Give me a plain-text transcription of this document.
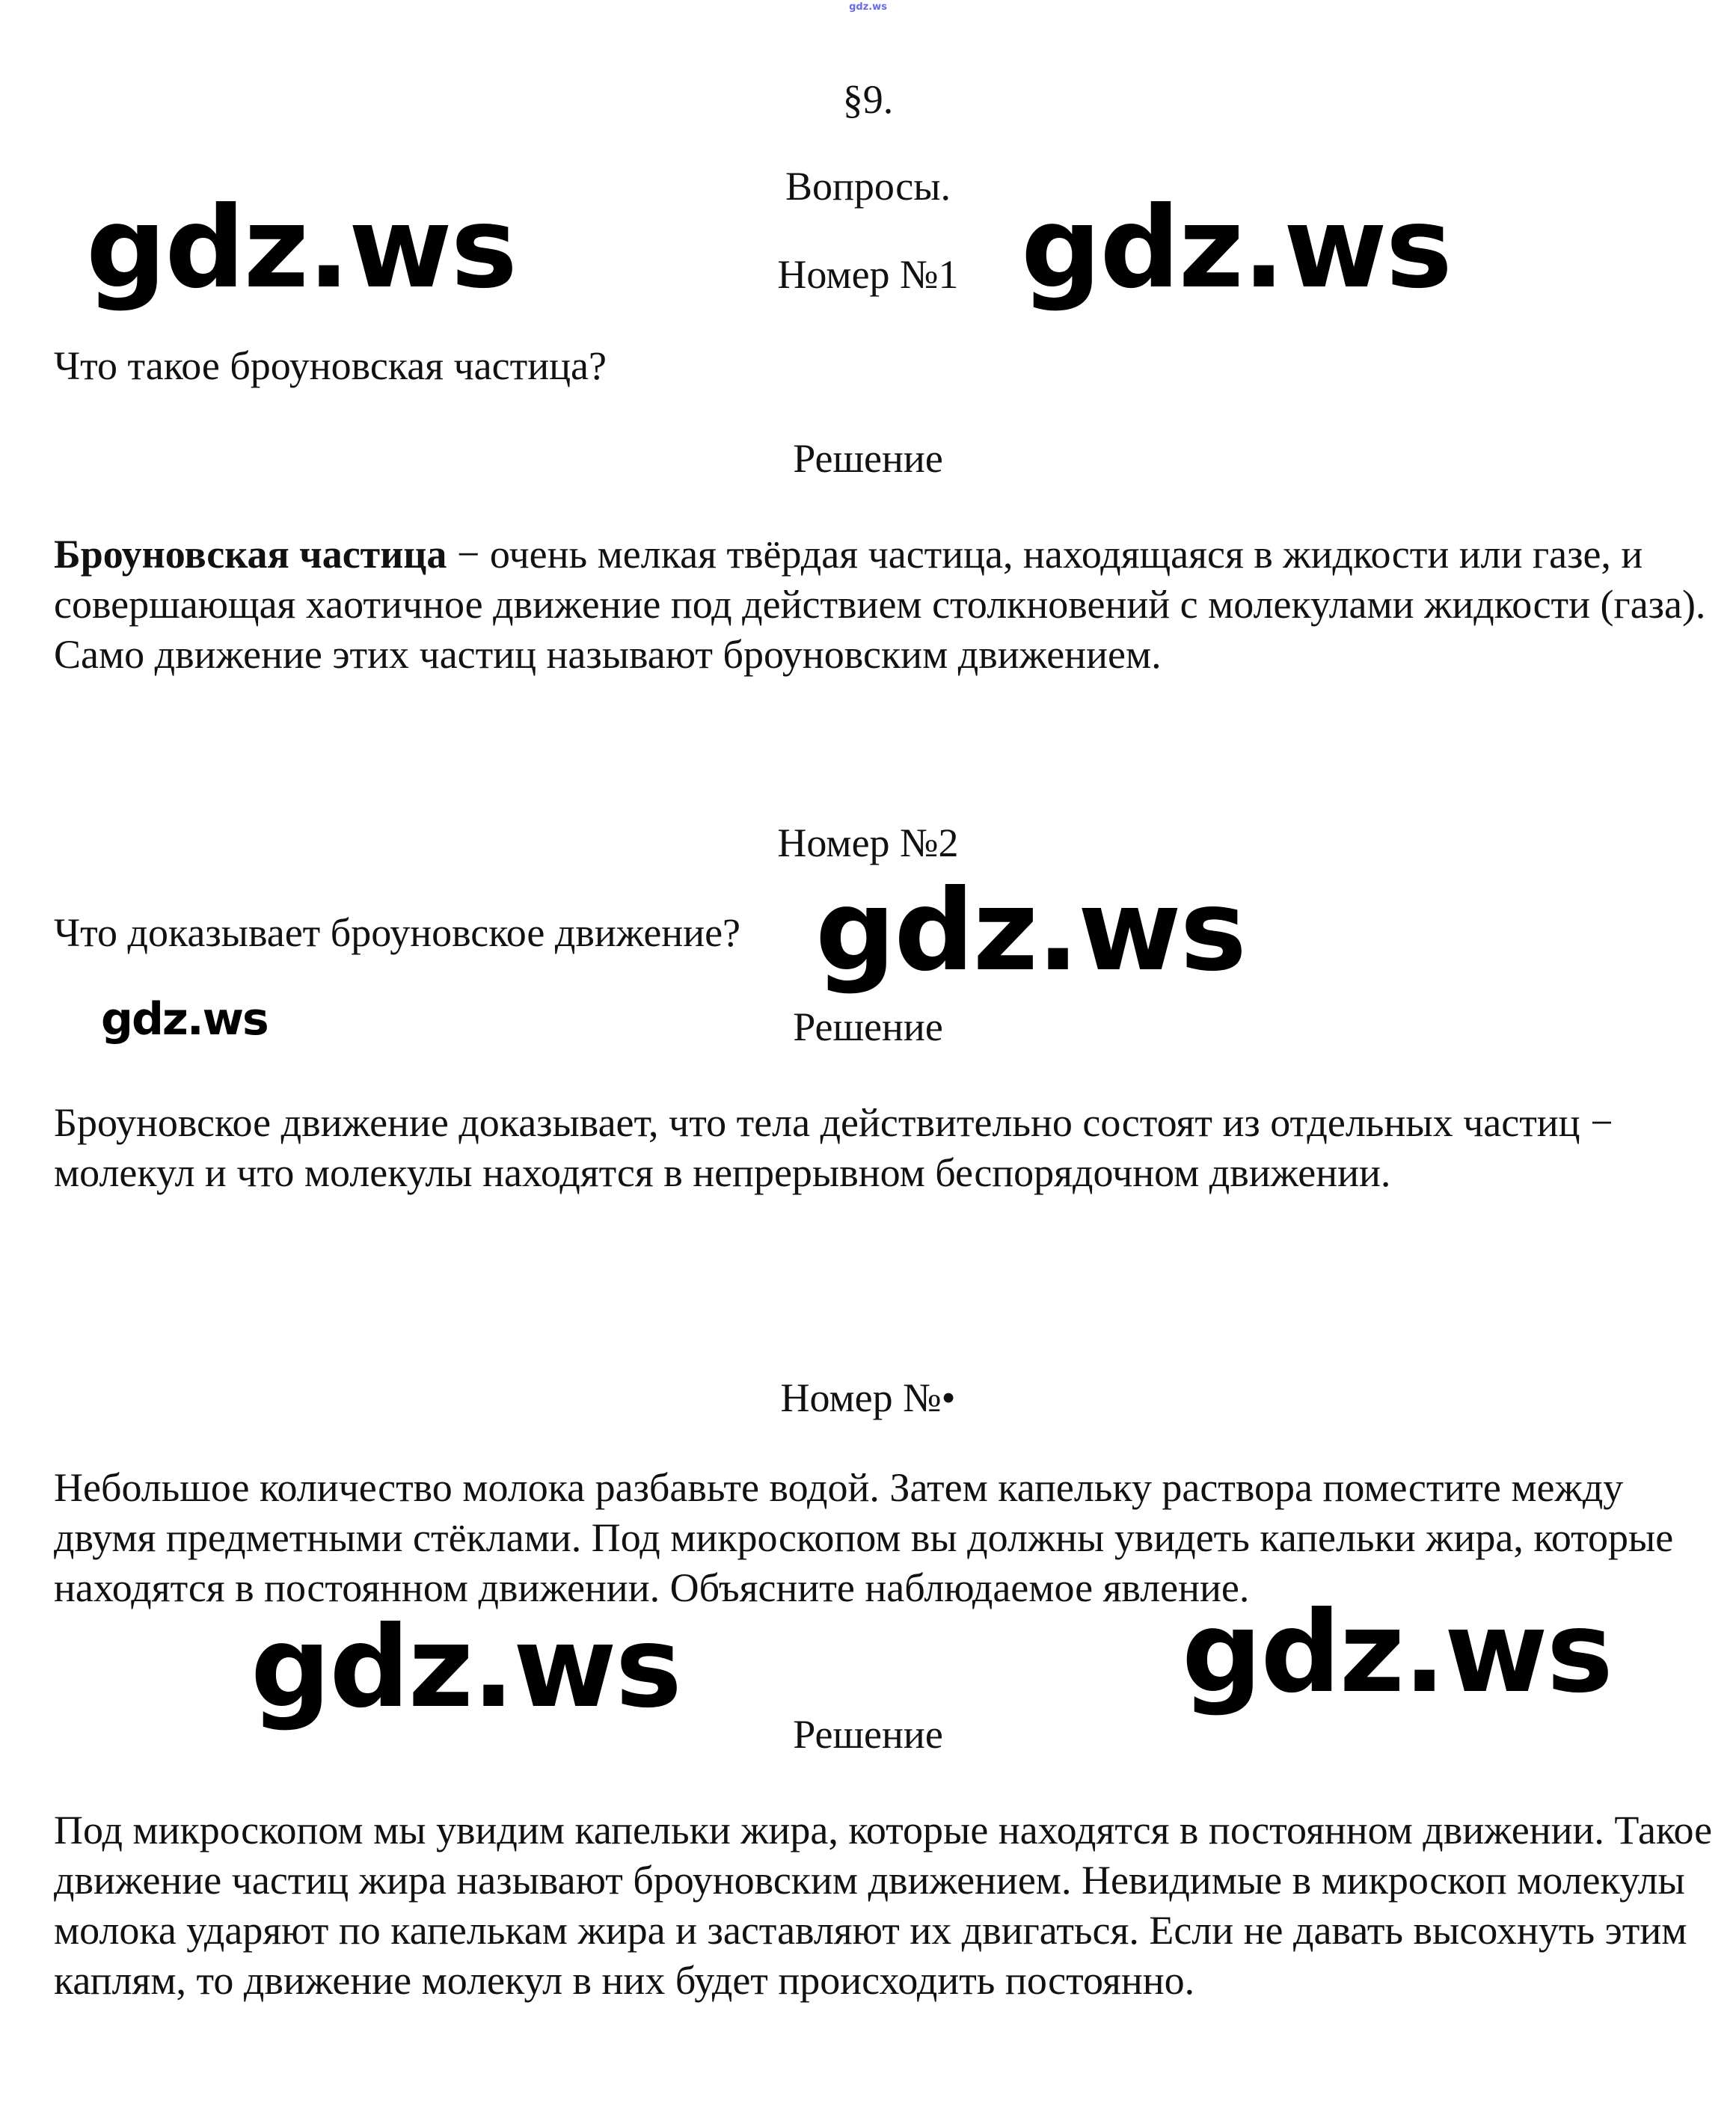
gdz.ws
§9.
Вопросы.
Номер №1
Что такое броуновская частица?
Решение
Броуновская частица − очень мелкая твёрдая частица, находящаяся в жидкости или газе, и совершающая хаотичное движение под действием столкновений с молекулами жидкости (газа). Само движение этих частиц называют броуновским движением.
Номер №2
Что доказывает броуновское движение?
Решение
Броуновское движение доказывает, что тела действительно состоят из отдельных частиц − молекул и что молекулы находятся в непрерывном беспорядочном движении.
Номер №•
Небольшое количество молока разбавьте водой. Затем капельку раствора поместите между двумя предметными стёклами. Под микроскопом вы должны увидеть капельки жира, которые находятся в постоянном движении. Объясните наблюдаемое явление.
Решение
Под микроскопом мы увидим капельки жира, которые находятся в постоянном движении. Такое движение частиц жира называют броуновским движением. Невидимые в микроскоп молекулы молока ударяют по капелькам жира и заставляют их двигаться. Если не давать высохнуть этим каплям, то движение молекул в них будет происходить постоянно.
gdz.ws	gdz.ws
gdz.ws
gdz.ws
gdz.ws	gdz.ws
